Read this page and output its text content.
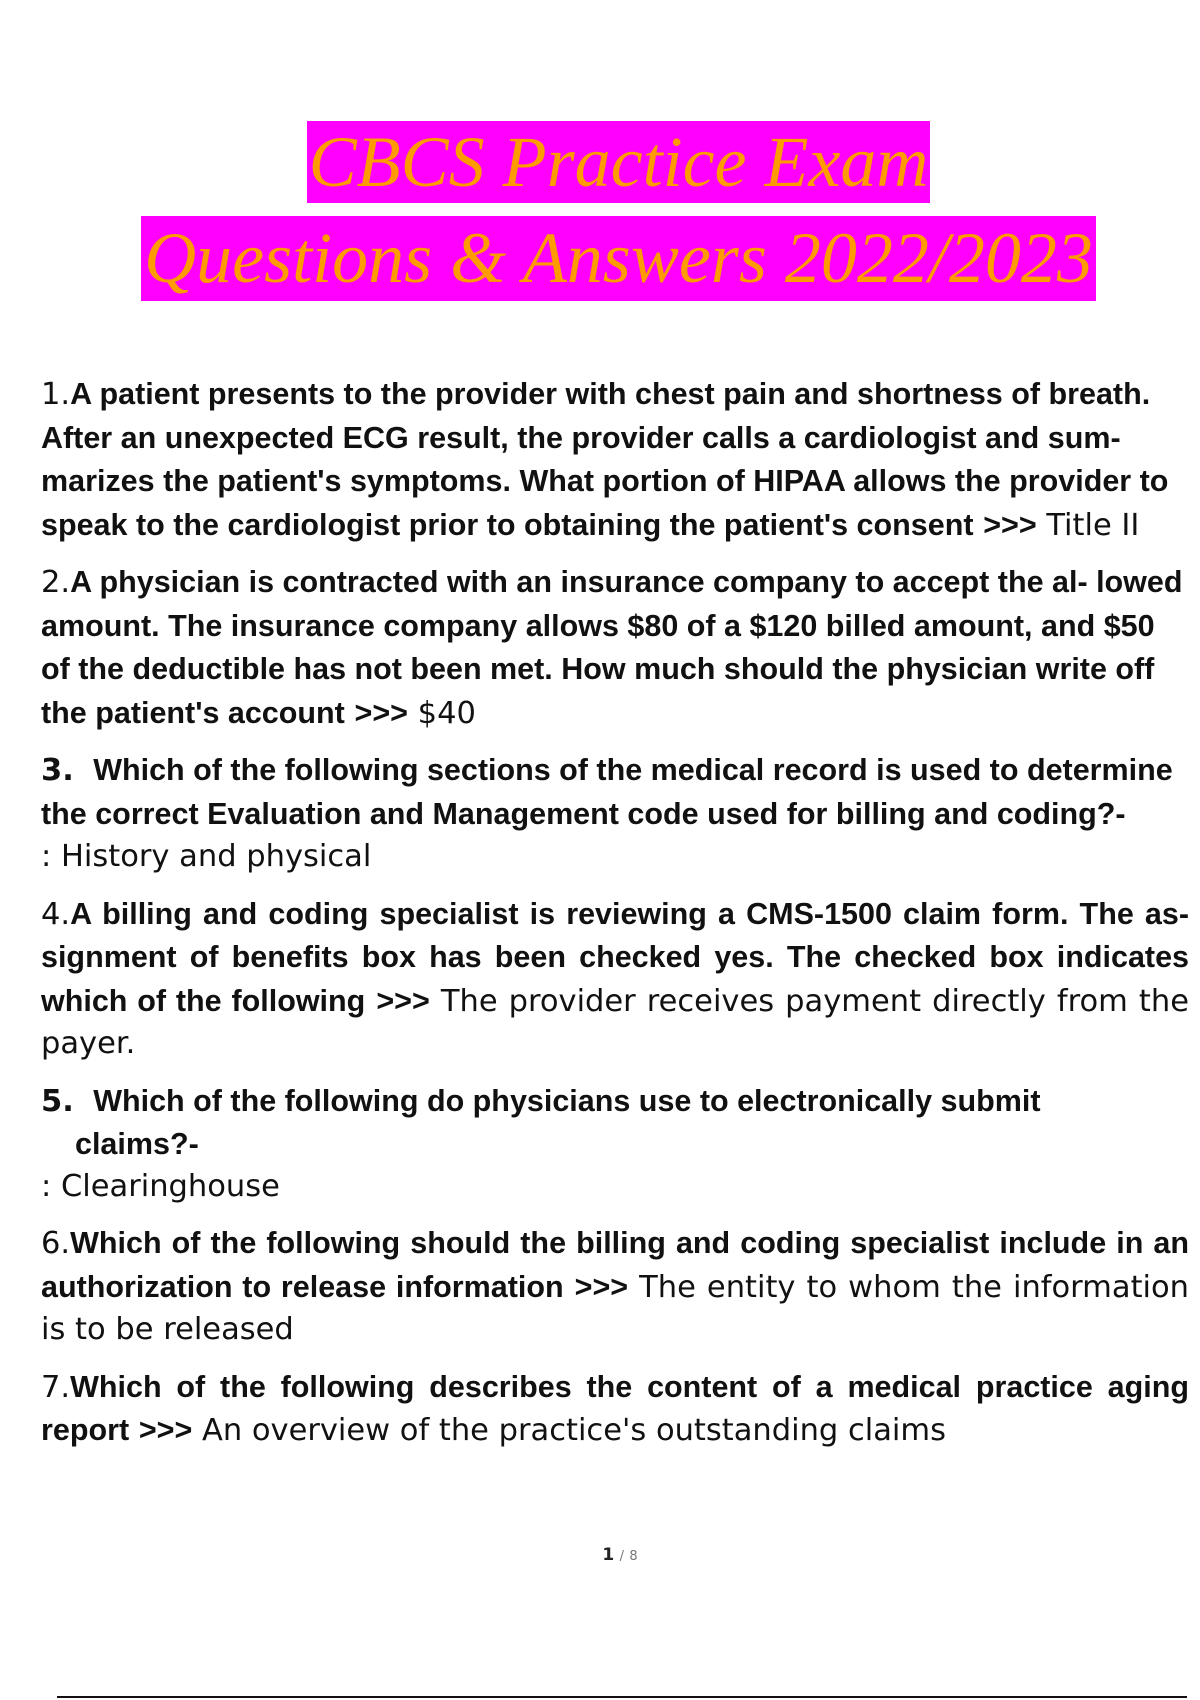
CBCS Practice Exam
Questions & Answers 2022/2023
1.A patient presents to the provider with chest pain and shortness of breath. After an unexpected ECG result, the provider calls a cardiologist and sum- marizes the patient's symptoms. What portion of HIPAA allows the provider to speak to the cardiologist prior to obtaining the patient's consent >>> Title II
2.A physician is contracted with an insurance company to accept the al- lowed amount. The insurance company allows $80 of a $120 billed amount, and $50 of the deductible has not been met. How much should the physician write off the patient's account >>> $40
3. Which of the following sections of the medical record is used to determine the correct Evaluation and Management code used for billing and coding?-
: History and physical
4.A billing and coding specialist is reviewing a CMS-1500 claim form. The as- signment of benefits box has been checked yes. The checked box indicates which of the following >>> The provider receives payment directly from the payer.
5. Which of the following do physicians use to electronically submit
claims?-
: Clearinghouse
6.Which of the following should the billing and coding specialist include in an authorization to release information >>> The entity to whom the information is to be released
7.Which of the following describes the content of a medical practice aging report >>> An overview of the practice's outstanding claims
1 / 8
